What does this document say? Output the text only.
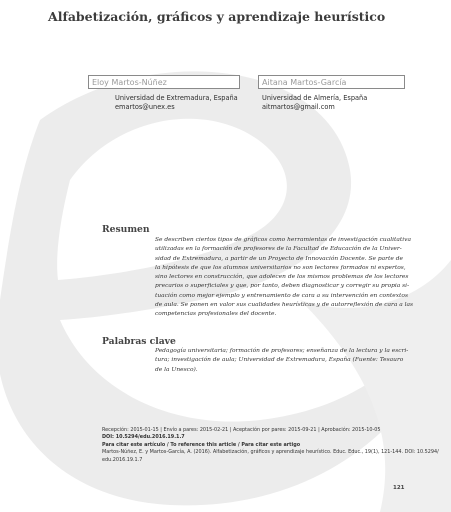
Alfabetización, gráficos y aprendizaje heurístico
Eloy Martos-Núñez	Aitana Martos-García
Universidad de Extremadura, España
emartos@unex.es
Universidad de Almería, España
aitmartos@gmail.com
Resumen
Se describen ciertos tipos de gráficos como herramientas de investigación cualitativa
utilizadas en la formación de profesores de la Facultad de Educación de la Univer-
sidad de Extremadura, a partir de un Proyecto de Innovación Docente. Se parte de
la hipótesis de que los alumnos universitarios no son lectores formados ni expertos,
sino lectores en construcción, que adolecen de los mismos problemas de los lectores
precarios o superficiales y que, por tanto, deben diagnosticar y corregir su propia si-
tuación como mejor ejemplo y entrenamiento de cara a su intervención en contextos
de aula. Se ponen en valor sus cualidades heurísticas y de autorreflexión de cara a las
competencias profesionales del docente.
Palabras clave
Pedagogía universitaria; formación de profesores; enseñanza de la lectura y la escri-
tura; investigación de aula; Universidad de Extremadura, España (Fuente: Tesauro
de la Unesco).
Recepción: 2015-01-15 | Envío a pares: 2015-02-21 | Aceptación por pares: 2015-09-21 | Aprobación: 2015-10-05
DOI: 10.5294/edu.2016.19.1.7
Para citar este artículo / To reference this article / Para citar este artigo
Martos-Núñez, E. y Martos-García, A. (2016). Alfabetización, gráficos y aprendizaje heurístico. Educ. Educ., 19(1), 121-144. DOI: 10.5294/
edu.2016.19.1.7
121
